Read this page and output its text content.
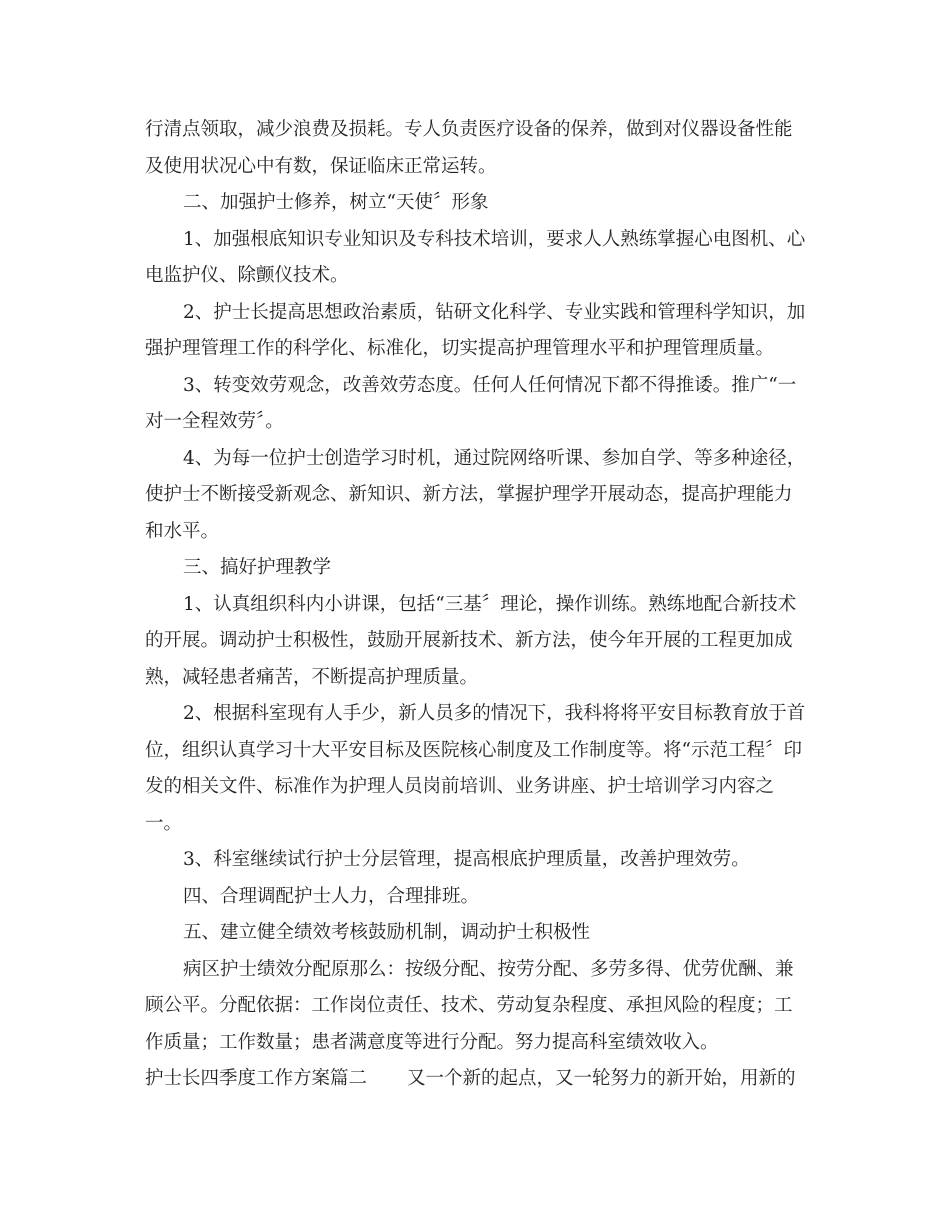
行清点领取，减少浪费及损耗。专人负责医疗设备的保养，做到对仪器设备性能
及使用状况心中有数，保证临床正常运转。
二、加强护士修养，树立“天使〞形象
1、加强根底知识专业知识及专科技术培训，要求人人熟练掌握心电图机、心
电监护仪、除颤仪技术。
2、护士长提高思想政治素质，钻研文化科学、专业实践和管理科学知识，加
强护理管理工作的科学化、标准化，切实提高护理管理水平和护理管理质量。
3、转变效劳观念，改善效劳态度。任何人任何情况下都不得推诿。推广“一
对一全程效劳〞。
4、为每一位护士创造学习时机，通过院网络听课、参加自学、等多种途径，
使护士不断接受新观念、新知识、新方法，掌握护理学开展动态，提高护理能力
和水平。
三、搞好护理教学
1、认真组织科内小讲课，包括“三基〞理论，操作训练。熟练地配合新技术
的开展。调动护士积极性，鼓励开展新技术、新方法，使今年开展的工程更加成
熟，减轻患者痛苦，不断提高护理质量。
2、根据科室现有人手少，新人员多的情况下，我科将将平安目标教育放于首
位，组织认真学习十大平安目标及医院核心制度及工作制度等。将“示范工程〞印
发的相关文件、标准作为护理人员岗前培训、业务讲座、护士培训学习内容之
一。
3、科室继续试行护士分层管理，提高根底护理质量，改善护理效劳。
四、合理调配护士人力，合理排班。
五、建立健全绩效考核鼓励机制，调动护士积极性
病区护士绩效分配原那么：按级分配、按劳分配、多劳多得、优劳优酬、兼
顾公平。分配依据：工作岗位责任、技术、劳动复杂程度、承担风险的程度；工
作质量；工作数量；患者满意度等进行分配。努力提高科室绩效收入。
护士长四季度工作方案篇二 又一个新的起点，又一轮努力的新开始，用新的
